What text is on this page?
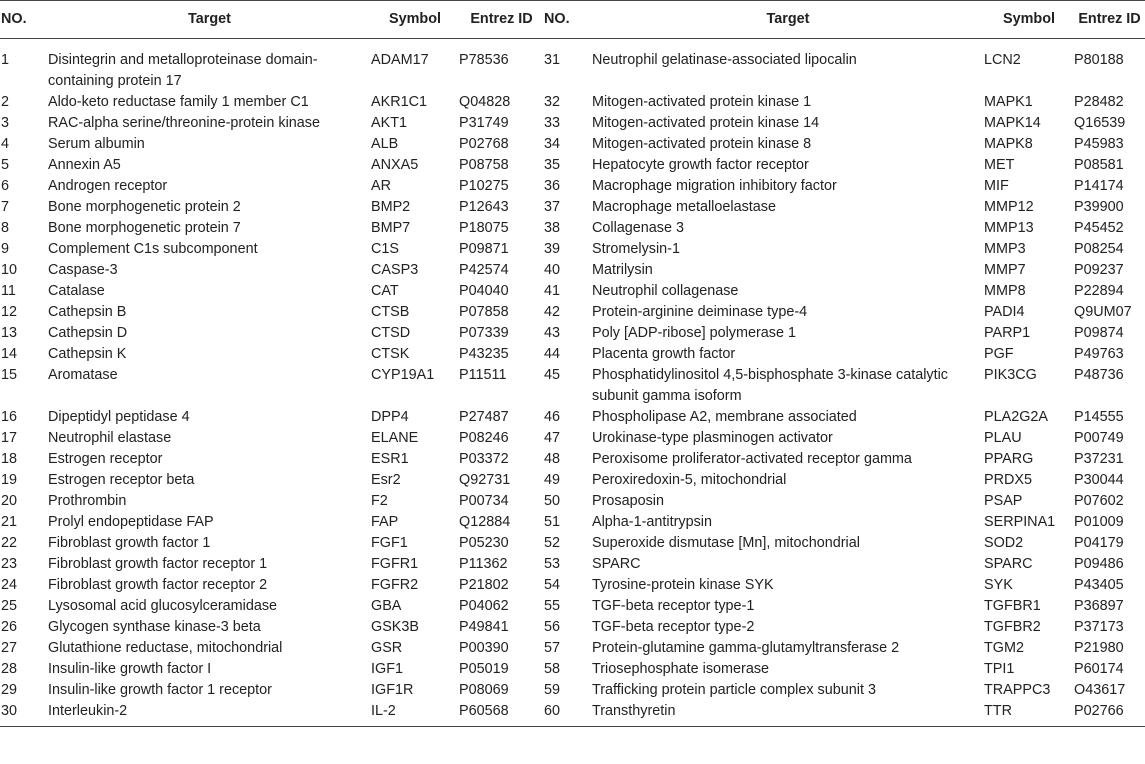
NO.	Target	Symbol	Entrez ID	NO.	Target	Symbol	Entrez ID
1	Disintegrin and metalloproteinase domain-containing protein 17	ADAM17	P78536	31	Neutrophil gelatinase-associated lipocalin	LCN2	P80188
2	Aldo-keto reductase family 1 member C1	AKR1C1	Q04828	32	Mitogen-activated protein kinase 1	MAPK1	P28482
3	RAC-alpha serine/threonine-protein kinase	AKT1	P31749	33	Mitogen-activated protein kinase 14	MAPK14	Q16539
4	Serum albumin	ALB	P02768	34	Mitogen-activated protein kinase 8	MAPK8	P45983
5	Annexin A5	ANXA5	P08758	35	Hepatocyte growth factor receptor	MET	P08581
6	Androgen receptor	AR	P10275	36	Macrophage migration inhibitory factor	MIF	P14174
7	Bone morphogenetic protein 2	BMP2	P12643	37	Macrophage metalloelastase	MMP12	P39900
8	Bone morphogenetic protein 7	BMP7	P18075	38	Collagenase 3	MMP13	P45452
9	Complement C1s subcomponent	C1S	P09871	39	Stromelysin-1	MMP3	P08254
10	Caspase-3	CASP3	P42574	40	Matrilysin	MMP7	P09237
11	Catalase	CAT	P04040	41	Neutrophil collagenase	MMP8	P22894
12	Cathepsin B	CTSB	P07858	42	Protein-arginine deiminase type-4	PADI4	Q9UM07
13	Cathepsin D	CTSD	P07339	43	Poly [ADP-ribose] polymerase 1	PARP1	P09874
14	Cathepsin K	CTSK	P43235	44	Placenta growth factor	PGF	P49763
15	Aromatase	CYP19A1	P11511	45	Phosphatidylinositol 4,5-bisphosphate 3-kinase catalytic subunit gamma isoform	PIK3CG	P48736
16	Dipeptidyl peptidase 4	DPP4	P27487	46	Phospholipase A2, membrane associated	PLA2G2A	P14555
17	Neutrophil elastase	ELANE	P08246	47	Urokinase-type plasminogen activator	PLAU	P00749
18	Estrogen receptor	ESR1	P03372	48	Peroxisome proliferator-activated receptor gamma	PPARG	P37231
19	Estrogen receptor beta	Esr2	Q92731	49	Peroxiredoxin-5, mitochondrial	PRDX5	P30044
20	Prothrombin	F2	P00734	50	Prosaposin	PSAP	P07602
21	Prolyl endopeptidase FAP	FAP	Q12884	51	Alpha-1-antitrypsin	SERPINA1	P01009
22	Fibroblast growth factor 1	FGF1	P05230	52	Superoxide dismutase [Mn], mitochondrial	SOD2	P04179
23	Fibroblast growth factor receptor 1	FGFR1	P11362	53	SPARC	SPARC	P09486
24	Fibroblast growth factor receptor 2	FGFR2	P21802	54	Tyrosine-protein kinase SYK	SYK	P43405
25	Lysosomal acid glucosylceramidase	GBA	P04062	55	TGF-beta receptor type-1	TGFBR1	P36897
26	Glycogen synthase kinase-3 beta	GSK3B	P49841	56	TGF-beta receptor type-2	TGFBR2	P37173
27	Glutathione reductase, mitochondrial	GSR	P00390	57	Protein-glutamine gamma-glutamyltransferase 2	TGM2	P21980
28	Insulin-like growth factor I	IGF1	P05019	58	Triosephosphate isomerase	TPI1	P60174
29	Insulin-like growth factor 1 receptor	IGF1R	P08069	59	Trafficking protein particle complex subunit 3	TRAPPC3	O43617
30	Interleukin-2	IL-2	P60568	60	Transthyretin	TTR	P02766
